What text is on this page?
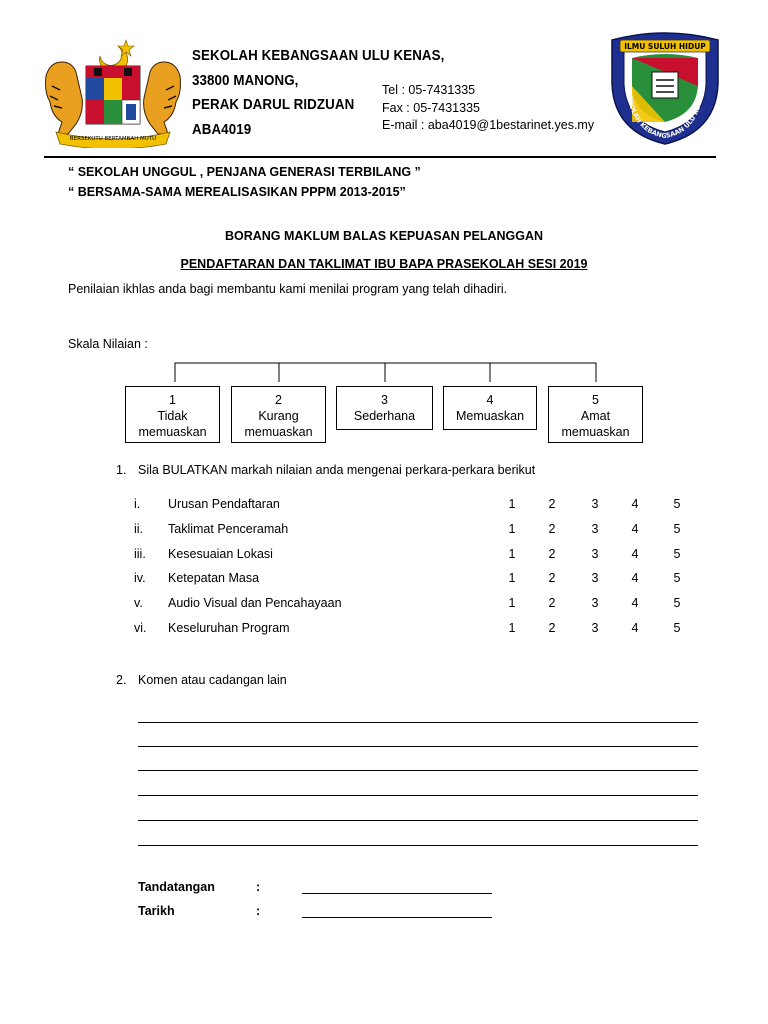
BERSEKUTU BERTAMBAH MUTU
SEKOLAH KEBANGSAAN ULU KENAS,
33800 MANONG,
PERAK DARUL RIDZUAN
ABA4019
Tel : 05-7431335
Fax : 05-7431335
E-mail : aba4019@1bestarinet.yes.my
ILMU SULUH HIDUP
SEKOLAH KEBANGSAAN ULU KENAS
“ SEKOLAH UNGGUL , PENJANA GENERASI TERBILANG ”
“ BERSAMA-SAMA MEREALISASIKAN PPPM 2013-2015”
BORANG MAKLUM BALAS KEPUASAN PELANGGAN
PENDAFTARAN DAN TAKLIMAT IBU BAPA PRASEKOLAH SESI 2019
Penilaian ikhlas anda bagi membantu kami menilai program yang telah dihadiri.
Skala Nilaian :
1
Tidak
memuaskan
2
Kurang
memuaskan
3
Sederhana
4
Memuaskan
5
Amat
memuaskan
1. Sila BULATKAN markah nilaian anda mengenai perkara-perkara berikut
i. Urusan Pendaftaran	1	2	3	4	5
ii. Taklimat Penceramah	1	2	3	4	5
iii. Kesesuaian Lokasi	1	2	3	4	5
iv. Ketepatan Masa	1	2	3	4	5
v. Audio Visual dan Pencahayaan	1	2	3	4	5
vi. Keseluruhan Program	1	2	3	4	5
2. Komen atau cadangan lain
Tandatangan	:
Tarikh	:
